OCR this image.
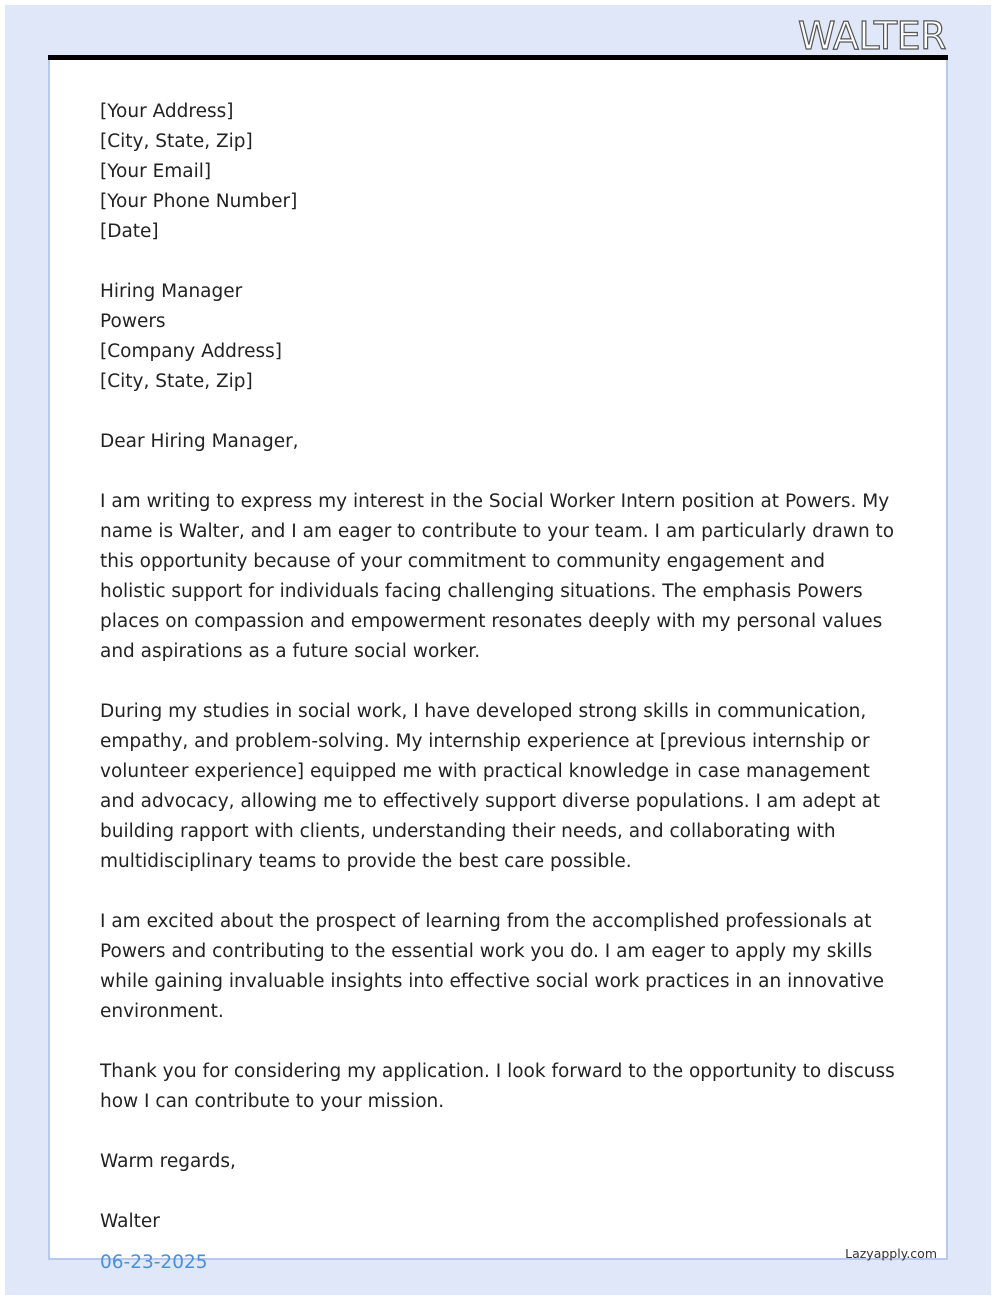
WALTER
[Your Address]
[City, State, Zip]
[Your Email]
[Your Phone Number]
[Date]
Hiring Manager
Powers
[Company Address]
[City, State, Zip]
Dear Hiring Manager,
I am writing to express my interest in the Social Worker Intern position at Powers. My name is Walter, and I am eager to contribute to your team. I am particularly drawn to this opportunity because of your commitment to community engagement and holistic support for individuals facing challenging situations. The emphasis Powers places on compassion and empowerment resonates deeply with my personal values and aspirations as a future social worker.
During my studies in social work, I have developed strong skills in communication, empathy, and problem-solving. My internship experience at [previous internship or volunteer experience] equipped me with practical knowledge in case management and advocacy, allowing me to effectively support diverse populations. I am adept at building rapport with clients, understanding their needs, and collaborating with multidisciplinary teams to provide the best care possible.
I am excited about the prospect of learning from the accomplished professionals at Powers and contributing to the essential work you do. I am eager to apply my skills while gaining invaluable insights into effective social work practices in an innovative environment.
Thank you for considering my application. I look forward to the opportunity to discuss how I can contribute to your mission.
Warm regards,
Walter
06-23-2025	Lazyapply.com
